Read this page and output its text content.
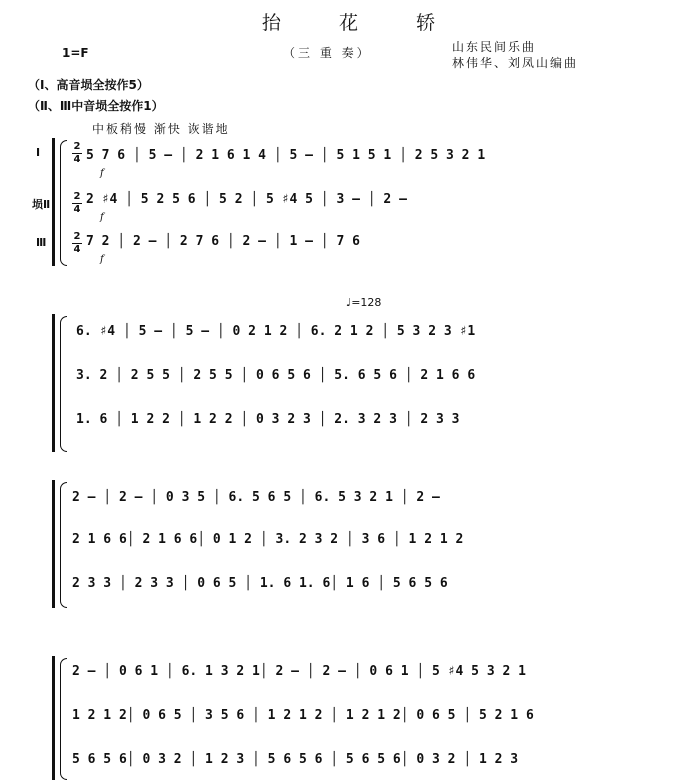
抬 花 轿
（三 重 奏）	山东民间乐曲
林伟华、刘凤山编曲
1=F
（Ⅰ、高音埙全按作5）
（Ⅱ、Ⅲ中音埙全按作1）
中板稍慢 渐快 诙谐地
Ⅰ
埙Ⅱ
Ⅲ
2
4
2
4
2
4
f
f
f
5 7 6 │ 5 – │ 2 1 6 1 4 │ 5 – │ 5 1 5 1 │ 2 5 3 2 1
2 ♯4 │ 5 2 5 6 │ 5 2 │ 5 ♯4 5 │ 3 – │ 2 –
7 2 │ 2 – │ 2 7 6 │ 2 – │ 1 – │ 7 6
♩=128
6. ♯4 │ 5 – │ 5 – │ 0 2 1 2 │ 6. 2 1 2 │ 5 3 2 3 ♯1
3. 2 │ 2 5 5 │ 2 5 5 │ 0 6 5 6 │ 5. 6 5 6 │ 2 1 6 6
1. 6 │ 1 2 2 │ 1 2 2 │ 0 3 2 3 │ 2. 3 2 3 │ 2 3 3
2 – │ 2 – │ 0 3 5 │ 6. 5 6 5 │ 6. 5 3 2 1 │ 2 –
2 1 6 6│ 2 1 6 6│ 0 1 2 │ 3. 2 3 2 │ 3 6 │ 1 2 1 2
2 3 3 │ 2 3 3 │ 0 6 5 │ 1. 6 1. 6│ 1 6 │ 5 6 5 6
2 – │ 0 6 1 │ 6. 1 3 2 1│ 2 – │ 2 – │ 0 6 1 │ 5 ♯4 5 3 2 1
1 2 1 2│ 0 6 5 │ 3 5 6 │ 1 2 1 2 │ 1 2 1 2│ 0 6 5 │ 5 2 1 6
5 6 5 6│ 0 3 2 │ 1 2 3 │ 5 6 5 6 │ 5 6 5 6│ 0 3 2 │ 1 2 3
